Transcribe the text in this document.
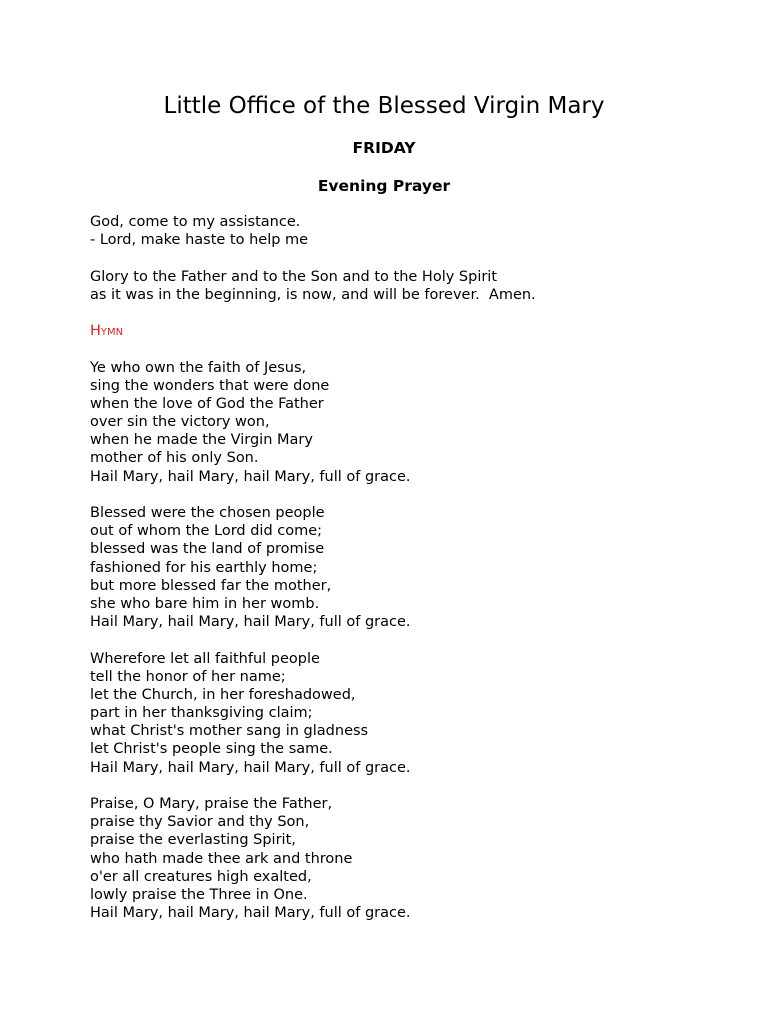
Little Office of the Blessed Virgin Mary
FRIDAY
Evening Prayer
God, come to my assistance.
- Lord, make haste to help me
Glory to the Father and to the Son and to the Holy Spirit
as it was in the beginning, is now, and will be forever.  Amen.
Hymn
Ye who own the faith of Jesus,
sing the wonders that were done
when the love of God the Father
over sin the victory won,
when he made the Virgin Mary
mother of his only Son.
Hail Mary, hail Mary, hail Mary, full of grace.
Blessed were the chosen people
out of whom the Lord did come;
blessed was the land of promise
fashioned for his earthly home;
but more blessed far the mother,
she who bare him in her womb.
Hail Mary, hail Mary, hail Mary, full of grace.
Wherefore let all faithful people
tell the honor of her name;
let the Church, in her foreshadowed,
part in her thanksgiving claim;
what Christ's mother sang in gladness
let Christ's people sing the same.
Hail Mary, hail Mary, hail Mary, full of grace.
Praise, O Mary, praise the Father,
praise thy Savior and thy Son,
praise the everlasting Spirit,
who hath made thee ark and throne
o'er all creatures high exalted,
lowly praise the Three in One.
Hail Mary, hail Mary, hail Mary, full of grace.
